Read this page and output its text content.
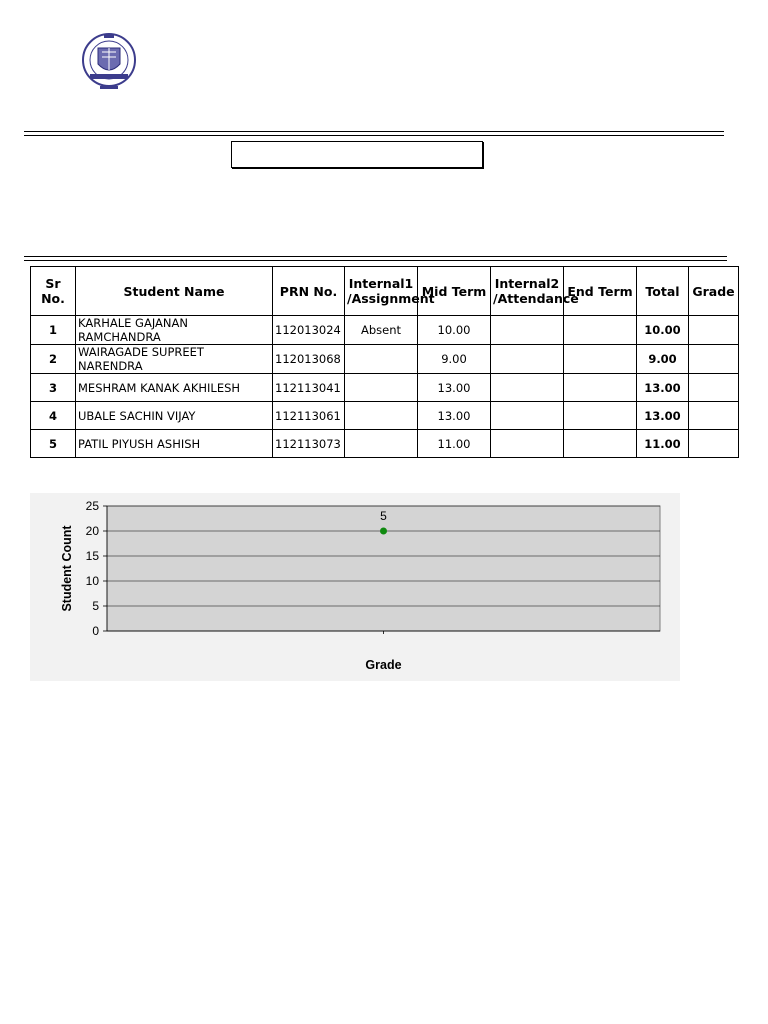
Sr No.	Student Name	PRN No.	Internal1 /Assignment	Mid Term	Internal2 /Attendance	End Term	Total	Grade
1	KARHALE GAJANAN RAMCHANDRA	112013024	Absent	10.00			10.00	
2	WAIRAGADE SUPREET NARENDRA	112013068		9.00			9.00	
3	MESHRAM KANAK AKHILESH	112113041		13.00			13.00	
4	UBALE SACHIN VIJAY	112113061		13.00			13.00	
5	PATIL PIYUSH ASHISH	112113073		11.00			11.00	
0
5
10
15
20
25
5
Grade
Student Count
